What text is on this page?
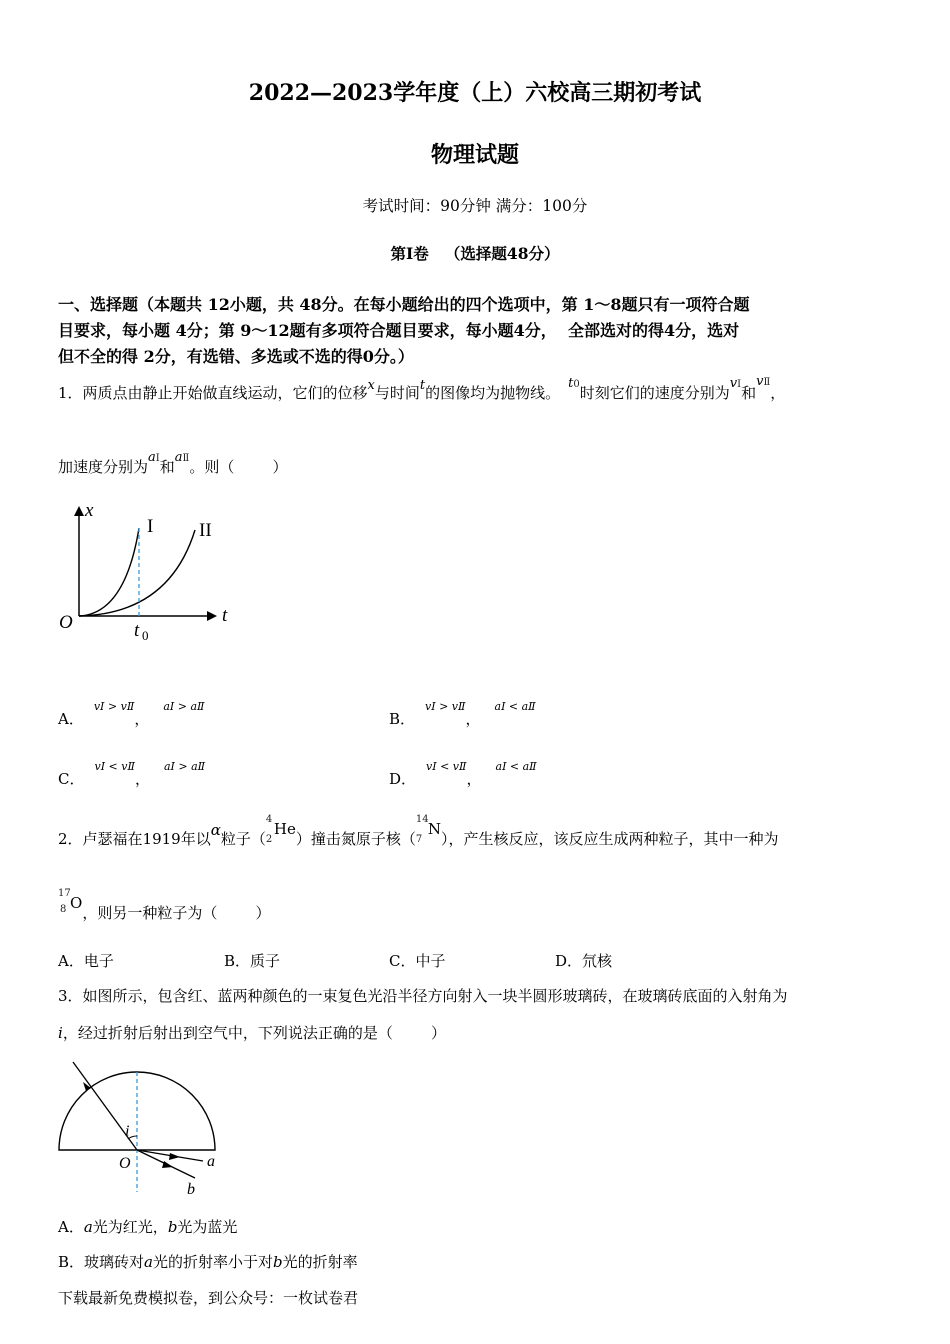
2022—2023学年度（上）六校高三期初考试
物理试题
考试时间：90分钟 满分：100分
第Ⅰ卷   （选择题48分）
一、选择题（本题共 12小题，共 48分。在每小题给出的四个选项中，第 1～8题只有一项符合题
目要求，每小题 4分；第 9～12题有多项符合题目要求，每小题4分，  全部选对的得4分，选对
但不全的得 2分，有选错、多选或不选的得0分。）
1．两质点由静止开始做直线运动，它们的位移x与时间t的图像均为抛物线。t0时刻它们的速度分别为vⅠ和vⅡ，
加速度分别为aⅠ和aⅡ。则（        ）
x
t
O
I II
t 0
A．$^{vⅠ > vⅡ}$，$^{aⅠ > aⅡ}$
B．$^{vⅠ > vⅡ}$，$^{aⅠ < aⅡ}$
C．$^{vⅠ < vⅡ}$，$^{aⅠ > aⅡ}$
D．$^{vⅠ < vⅡ}$，$^{aⅠ < aⅡ}$
2．卢瑟福在1919年以α粒子（
4
2
He）撞击氮原子核（
14
7
N），产生核反应，该反应生成两种粒子，其中一种为
17
8 O，则另一种粒子为（        ）
A．电子	B．质子	C．中子	D．氘核
3．如图所示，包含红、蓝两种颜色的一束复色光沿半径方向射入一块半圆形玻璃砖，在玻璃砖底面的入射角为
i，经过折射后射出到空气中，下列说法正确的是（        ）
i
O	a
b
A．a光为红光，b光为蓝光
B．玻璃砖对a光的折射率小于对b光的折射率
下载最新免费模拟卷，到公众号：一枚试卷君
